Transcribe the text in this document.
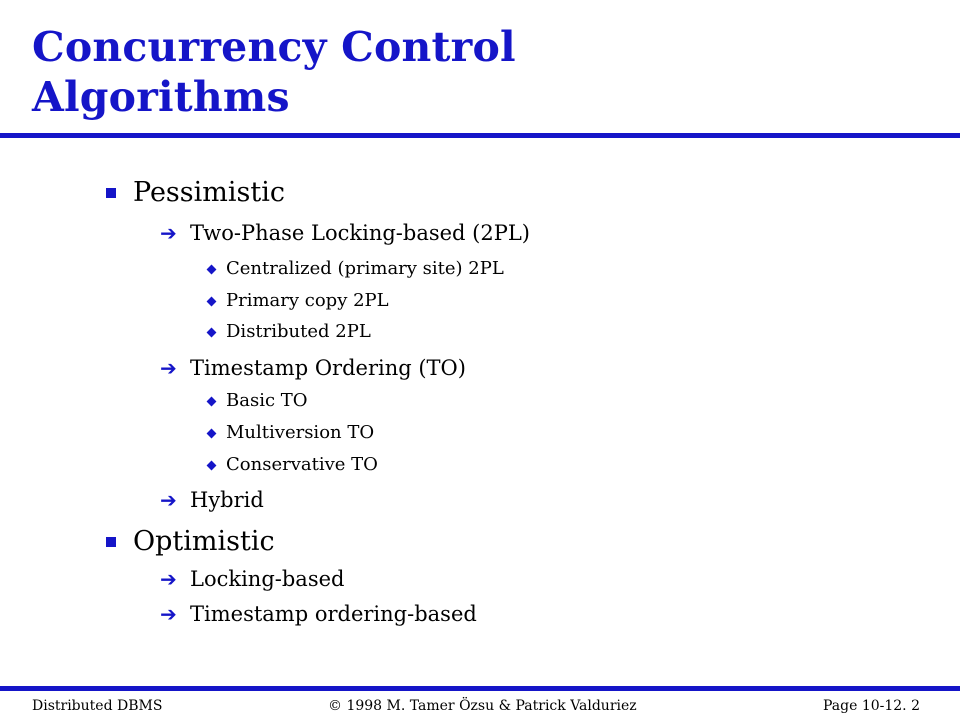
Concurrency Control
Algorithms
Pessimistic
➔ Two-Phase Locking-based (2PL)
Centralized (primary site) 2PL
Primary copy 2PL
Distributed 2PL
➔ Timestamp Ordering (TO)
Basic TO
Multiversion TO
Conservative TO
➔ Hybrid
Optimistic
➔ Locking-based
➔ Timestamp ordering-based
Distributed DBMS	© 1998 M. Tamer Özsu & Patrick Valduriez	Page 10-12. 2
